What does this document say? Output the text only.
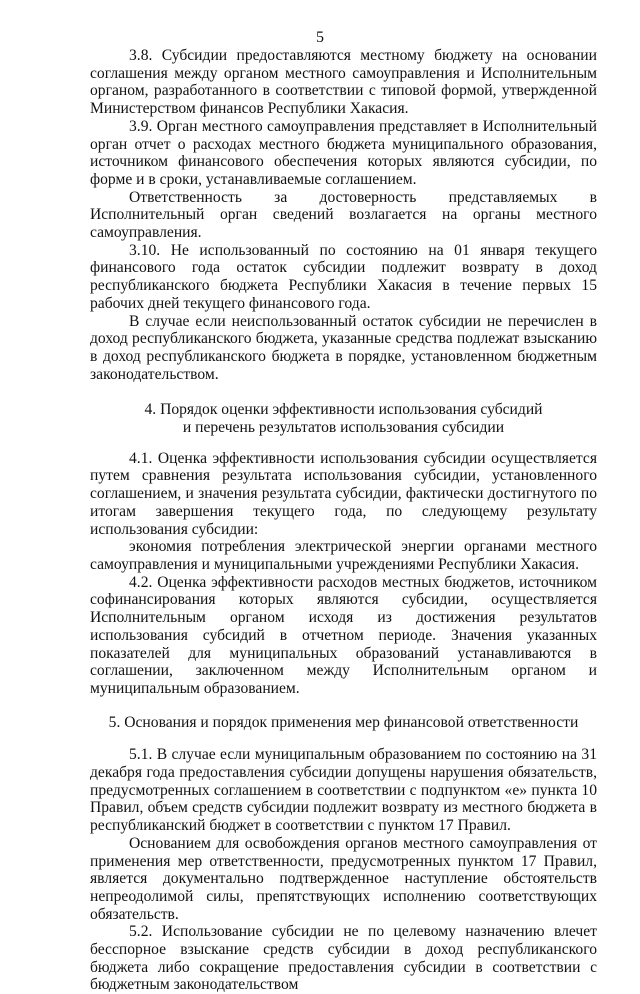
5

3.8. Субсидии предоставляются местному бюджету на основании соглашения между органом местного самоуправления и Исполнительным органом, разработанного в соответствии с типовой формой, утвержденной Министерством финансов Республики Хакасия.

3.9. Орган местного самоуправления представляет в Исполнительный орган отчет о расходах местного бюджета муниципального образования, источником финансового обеспечения которых являются субсидии, по форме и в сроки, устанавливаемые соглашением.

Ответственность за достоверность представляемых в Исполнительный орган сведений возлагается на органы местного самоуправления.

3.10. Не использованный по состоянию на 01 января текущего финансового года остаток субсидии подлежит возврату в доход республиканского бюджета Республики Хакасия в течение первых 15 рабочих дней текущего финансового года.

В случае если неиспользованный остаток субсидии не перечислен в доход республиканского бюджета, указанные средства подлежат взысканию в доход республиканского бюджета в порядке, установленном бюджетным законодательством.

4. Порядок оценки эффективности использования субсидий
и перечень результатов использования субсидии

4.1. Оценка эффективности использования субсидии осуществляется путем сравнения результата использования субсидии, установленного соглашением, и значения результата субсидии, фактически достигнутого по итогам завершения текущего года, по следующему результату использования субсидии:

экономия потребления электрической энергии органами местного самоуправления и муниципальными учреждениями Республики Хакасия.

4.2. Оценка эффективности расходов местных бюджетов, источником софинансирования которых являются субсидии, осуществляется Исполнительным органом исходя из достижения результатов использования субсидий в отчетном периоде. Значения указанных показателей для муниципальных образований устанавливаются в соглашении, заключенном между Исполнительным органом и муниципальным образованием.

5. Основания и порядок применения мер финансовой ответственности

5.1. В случае если муниципальным образованием по состоянию на 31 декабря года предоставления субсидии допущены нарушения обязательств, предусмотренных соглашением в соответствии с подпунктом «е» пункта 10 Правил, объем средств субсидии подлежит возврату из местного бюджета в республиканский бюджет в соответствии с пунктом 17 Правил.

Основанием для освобождения органов местного самоуправления от применения мер ответственности, предусмотренных пунктом 17 Правил, является документально подтвержденное наступление обстоятельств непреодолимой силы, препятствующих исполнению соответствующих обязательств.

5.2. Использование субсидии не по целевому назначению влечет бесспорное взыскание средств субсидии в доход республиканского бюджета либо сокращение предоставления субсидии в соответствии с бюджетным законодательством
